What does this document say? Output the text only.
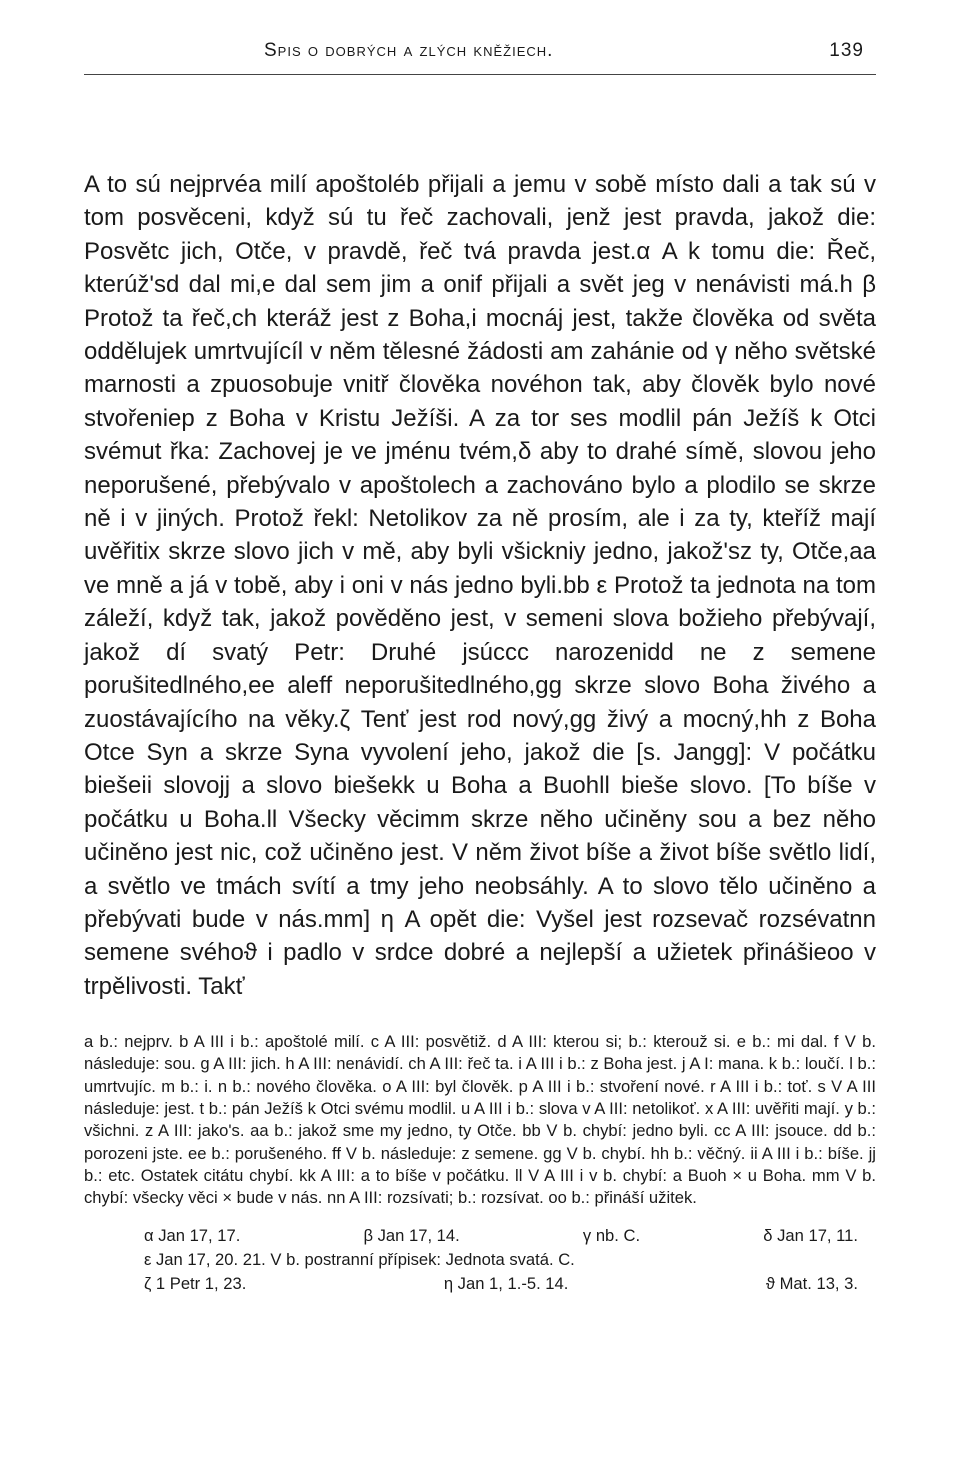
Spis o dobrých a zlých kněžiech.	139
A to sú nejprvéa milí apoštoléb přijali a jemu v sobě místo dali a tak sú v tom posvěceni, když sú tu řeč zachovali, jenž jest pravda, jakož die: Posvětc jich, Otče, v pravdě, řeč tvá pravda jest.α A k tomu die: Řeč, kterúž'sd dal mi,e dal sem jim a onif přijali a svět jeg v nenávisti má.h β Protož ta řeč,ch kteráž jest z Boha,i mocnáj jest, takže člověka od světa oddělujek umrtvujícíl v něm tělesné žádosti am zahánie od γ něho světské marnosti a zpuosobuje vnitř člověka novéhon tak, aby člověk bylo nové stvořeniep z Boha v Kristu Ježíši. A za tor ses modlil pán Ježíš k Otci svémut řka: Zachovej je ve jménu tvém,δ aby to drahé símě, slovou jeho neporušené, přebývalo v apoštolech a zachováno bylo a plodilo se skrze ně i v jiných. Protož řekl: Netolikov za ně prosím, ale i za ty, kteříž mají uvěřitix skrze slovo jich v mě, aby byli všickniy jedno, jakož'sz ty, Otče,aa ve mně a já v tobě, aby i oni v nás jedno byli.bb ε Protož ta jednota na tom záleží, když tak, jakož pověděno jest, v semeni slova božieho přebývají, jakož dí svatý Petr: Druhé jsúccc narozenidd ne z semene porušitedlného,ee aleff neporušitedlného,gg skrze slovo Boha živého a zuostávajícího na věky.ζ Tenť jest rod nový,gg živý a mocný,hh z Boha Otce Syn a skrze Syna vyvolení jeho, jakož die [s. Jangg]: V počátku biešeii slovojj a slovo biešekk u Boha a Buohll bieše slovo. [To bíše v počátku u Boha.ll Všecky věcimm skrze něho učiněny sou a bez něho učiněno jest nic, což učiněno jest. V něm život bíše a život bíše světlo lidí, a světlo ve tmách svítí a tmy jeho neobsáhly. A to slovo tělo učiněno a přebývati bude v nás.mm] η A opět die: Vyšel jest rozsevač rozsévatnn semene svéhoϑ i padlo v srdce dobré a nejlepší a užietek přinášieoo v trpělivosti. Takť
a b.: nejprv. b A III i b.: apoštolé milí. c A III: posvětiž. d A III: kterou si; b.: kterouž si. e b.: mi dal. f V b. následuje: sou. g A III: jich. h A III: nenávidí. ch A III: řeč ta. i A III i b.: z Boha jest. j A I: mana. k b.: loučí. l b.: umrtvujíc. m b.: i. n b.: nového člověka. o A III: byl člověk. p A III i b.: stvoření nové. r A III i b.: toť. s V A III následuje: jest. t b.: pán Ježíš k Otci svému modlil. u A III i b.: slova v A III: netolikoť. x A III: uvěřiti mají. y b.: všichni. z A III: jako's. aa b.: jakož sme my jedno, ty Otče. bb V b. chybí: jedno byli. cc A III: jsouce. dd b.: porozeni jste. ee b.: porušeného. ff V b. následuje: z semene. gg V b. chybí. hh b.: věčný. ii A III i b.: bíše. jj b.: etc. Ostatek citátu chybí. kk A III: a to bíše v počátku. ll V A III i v b. chybí: a Buoh × u Boha. mm V b. chybí: všecky věci × bude v nás. nn A III: rozsívati; b.: rozsívat. oo b.: přináší užitek.
α Jan 17, 17.	β Jan 17, 14.	γ nb. C.	δ Jan 17, 11.
ε Jan 17, 20. 21. V b. postranní přípisek: Jednota svatá. C.
ζ 1 Petr 1, 23.	η Jan 1, 1.-5. 14.	ϑ Mat. 13, 3.
